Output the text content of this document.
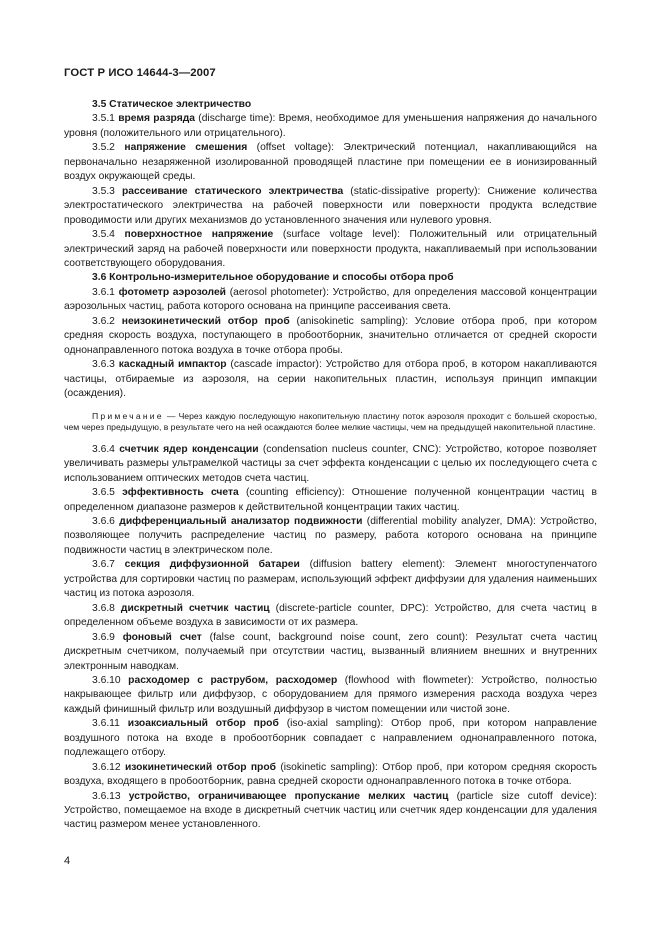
ГОСТ Р ИСО 14644-3—2007

3.5 Статическое электричество

3.5.1 время разряда (discharge time): Время, необходимое для уменьшения напряжения до начального уровня (положительного или отрицательного).

3.5.2 напряжение смешения (offset voltage): Электрический потенциал, накапливающийся на первоначально незаряженной изолированной проводящей пластине при помещении ее в ионизированный воздух окружающей среды.

3.5.3 рассеивание статического электричества (static-dissipative property): Снижение количества электростатического электричества на рабочей поверхности или поверхности продукта вследствие проводимости или других механизмов до установленного значения или нулевого уровня.

3.5.4 поверхностное напряжение (surface voltage level): Положительный или отрицательный электрический заряд на рабочей поверхности или поверхности продукта, накапливаемый при использовании соответствующего оборудования.

3.6 Контрольно-измерительное оборудование и способы отбора проб

3.6.1 фотометр аэрозолей (aerosol photometer): Устройство, для определения массовой концентрации аэрозольных частиц, работа которого основана на принципе рассеивания света.

3.6.2 неизокинетический отбор проб (anisokinetic sampling): Условие отбора проб, при котором средняя скорость воздуха, поступающего в пробоотборник, значительно отличается от средней скорости однонаправленного потока воздуха в точке отбора пробы.

3.6.3 каскадный импактор (cascade impactor): Устройство для отбора проб, в котором накапливаются частицы, отбираемые из аэрозоля, на серии накопительных пластин, используя принцип импакции (осаждения).

Примечание — Через каждую последующую накопительную пластину поток аэрозоля проходит с большей скоростью, чем через предыдущую, в результате чего на ней осаждаются более мелкие частицы, чем на предыдущей накопительной пластине.

3.6.4 счетчик ядер конденсации (condensation nucleus counter, CNC): Устройство, которое позволяет увеличивать размеры ультрамелкой частицы за счет эффекта конденсации с целью их последующего счета с использованием оптических методов счета частиц.

3.6.5 эффективность счета (counting efficiency): Отношение полученной концентрации частиц в определенном диапазоне размеров к действительной концентрации таких частиц.

3.6.6 дифференциальный анализатор подвижности (differential mobility analyzer, DMA): Устройство, позволяющее получить распределение частиц по размеру, работа которого основана на принципе подвижности частиц в электрическом поле.

3.6.7 секция диффузионной батареи (diffusion battery element): Элемент многоступенчатого устройства для сортировки частиц по размерам, использующий эффект диффузии для удаления наименьших частиц из потока аэрозоля.

3.6.8 дискретный счетчик частиц (discrete-particle counter, DPC): Устройство, для счета частиц в определенном объеме воздуха в зависимости от их размера.

3.6.9 фоновый счет (false count, background noise count, zero count): Результат счета частиц дискретным счетчиком, получаемый при отсутствии частиц, вызванный влиянием внешних и внутренних электронным наводкам.

3.6.10 расходомер с раструбом, расходомер (flowhood with flowmeter): Устройство, полностью накрывающее фильтр или диффузор, с оборудованием для прямого измерения расхода воздуха через каждый финишный фильтр или воздушный диффузор в чистом помещении или чистой зоне.

3.6.11 изоаксиальный отбор проб (iso-axial sampling): Отбор проб, при котором направление воздушного потока на входе в пробоотборник совпадает с направлением однонаправленного потока, подлежащего отбору.

3.6.12 изокинетический отбор проб (isokinetic sampling): Отбор проб, при котором средняя скорость воздуха, входящего в пробоотборник, равна средней скорости однонаправленного потока в точке отбора.

3.6.13 устройство, ограничивающее пропускание мелких частиц (particle size cutoff device): Устройство, помещаемое на входе в дискретный счетчик частиц или счетчик ядер конденсации для удаления частиц размером менее установленного.

4
